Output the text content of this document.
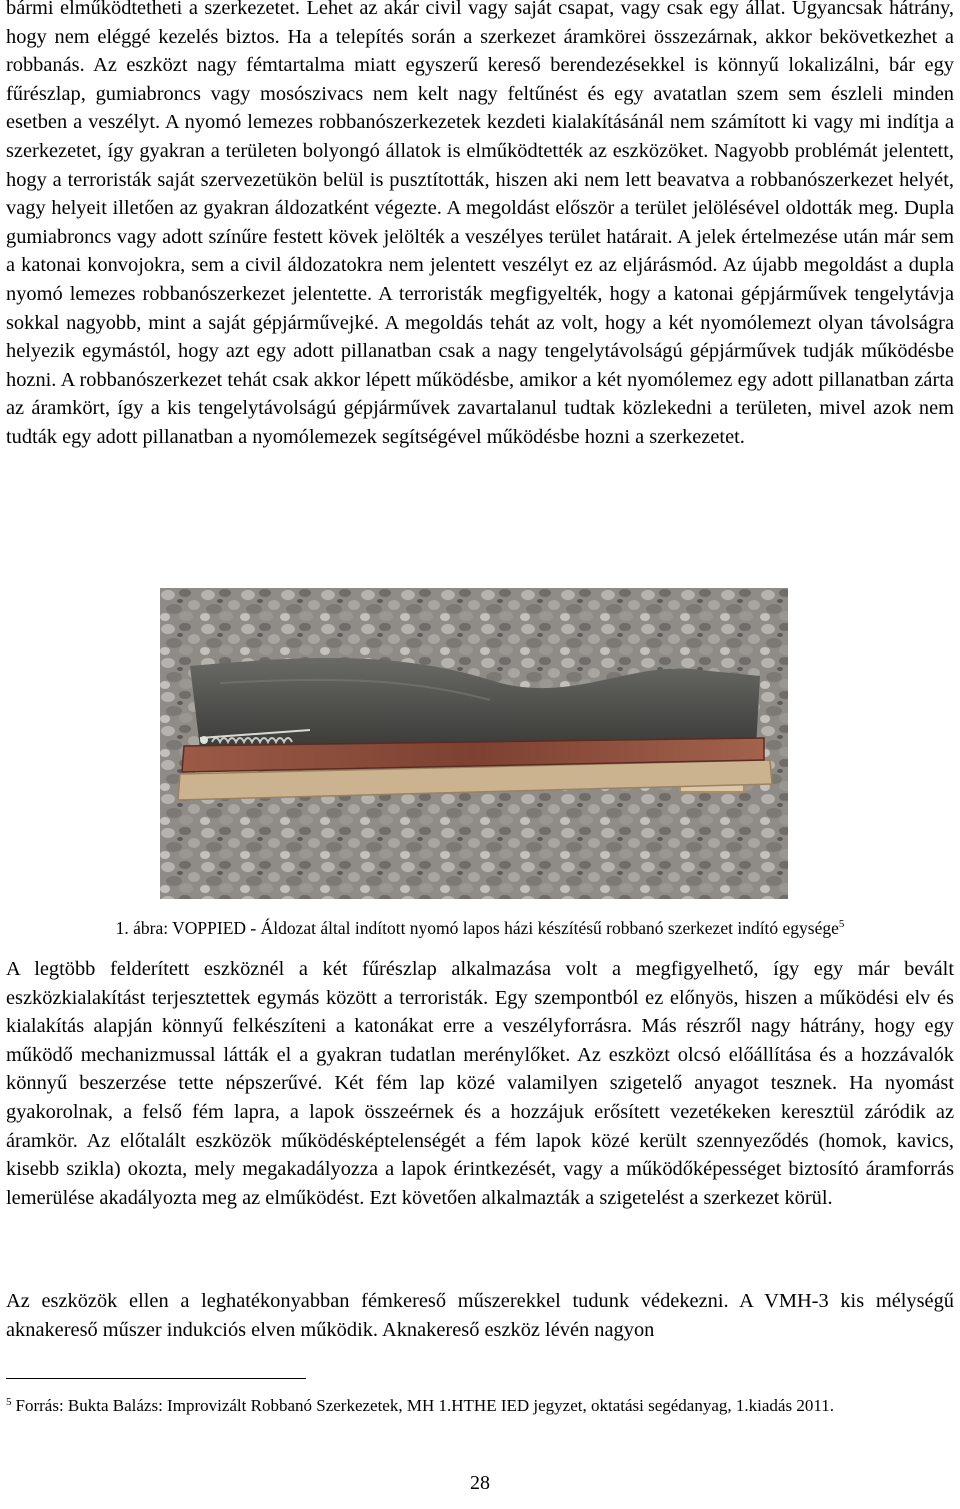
bármi elműködtetheti a szerkezetet. Lehet az akár civil vagy saját csapat, vagy csak egy állat. Ugyancsak hátrány, hogy nem eléggé kezelés biztos. Ha a telepítés során a szerkezet áramkörei összezárnak, akkor bekövetkezhet a robbanás. Az eszközt nagy fémtartalma miatt egyszerű kereső berendezésekkel is könnyű lokalizálni, bár egy fűrészlap, gumiabroncs vagy mosószivacs nem kelt nagy feltűnést és egy avatatlan szem sem észleli minden esetben a veszélyt. A nyomó lemezes robbanószerkezetek kezdeti kialakításánál nem számított ki vagy mi indítja a szerkezetet, így gyakran a területen bolyongó állatok is elműködtették az eszközöket. Nagyobb problémát jelentett, hogy a terroristák saját szervezetükön belül is pusztították, hiszen aki nem lett beavatva a robbanószerkezet helyét, vagy helyeit illetően az gyakran áldozatként végezte. A megoldást először a terület jelölésével oldották meg. Dupla gumiabroncs vagy adott színűre festett kövek jelölték a veszélyes terület határait. A jelek értelmezése után már sem a katonai konvojokra, sem a civil áldozatokra nem jelentett veszélyt ez az eljárásmód. Az újabb megoldást a dupla nyomó lemezes robbanószerkezet jelentette. A terroristák megfigyelték, hogy a katonai gépjárművek tengelytávja sokkal nagyobb, mint a saját gépjárművejké. A megoldás tehát az volt, hogy a két nyomólemezt olyan távolságra helyezik egymástól, hogy azt egy adott pillanatban csak a nagy tengelytávolságú gépjárművek tudják működésbe hozni. A robbanószerkezet tehát csak akkor lépett működésbe, amikor a két nyomólemez egy adott pillanatban zárta az áramkört, így a kis tengelytávolságú gépjárművek zavartalanul tudtak közlekedni a területen, mivel azok nem tudták egy adott pillanatban a nyomólemezek segítségével működésbe hozni a szerkezetet.

1. ábra: VOPPIED - Áldozat által indított nyomó lapos házi készítésű robbanó szerkezet indító egysége$^5$

A legtöbb felderített eszköznél a két fűrészlap alkalmazása volt a megfigyelhető, így egy már bevált eszközkialakítást terjesztettek egymás között a terroristák. Egy szempontból ez előnyös, hiszen a működési elv és kialakítás alapján könnyű felkészíteni a katonákat erre a veszélyforrásra. Más részről nagy hátrány, hogy egy működő mechanizmussal látták el a gyakran tudatlan merénylőket. Az eszközt olcsó előállítása és a hozzávalók könnyű beszerzése tette népszerűvé. Két fém lap közé valamilyen szigetelő anyagot tesznek. Ha nyomást gyakorolnak, a felső fém lapra, a lapok összeérnek és a hozzájuk erősített vezetékeken keresztül záródik az áramkör. Az előtalált eszközök működésképtelenségét a fém lapok közé került szennyeződés (homok, kavics, kisebb szikla) okozta, mely megakadályozza a lapok érintkezését, vagy a működőképességet biztosító áramforrás lemerülése akadályozta meg az elműködést. Ezt követően alkalmazták a szigetelést a szerkezet körül.

Az eszközök ellen a leghatékonyabban fémkereső műszerekkel tudunk védekezni. A VMH-3 kis mélységű aknakereső műszer indukciós elven működik. Aknakereső eszköz lévén nagyon

$^5$ Forrás: Bukta Balázs: Improvizált Robbanó Szerkezetek, MH 1.HTHE IED jegyzet, oktatási segédanyag, 1.kiadás 2011.
28
